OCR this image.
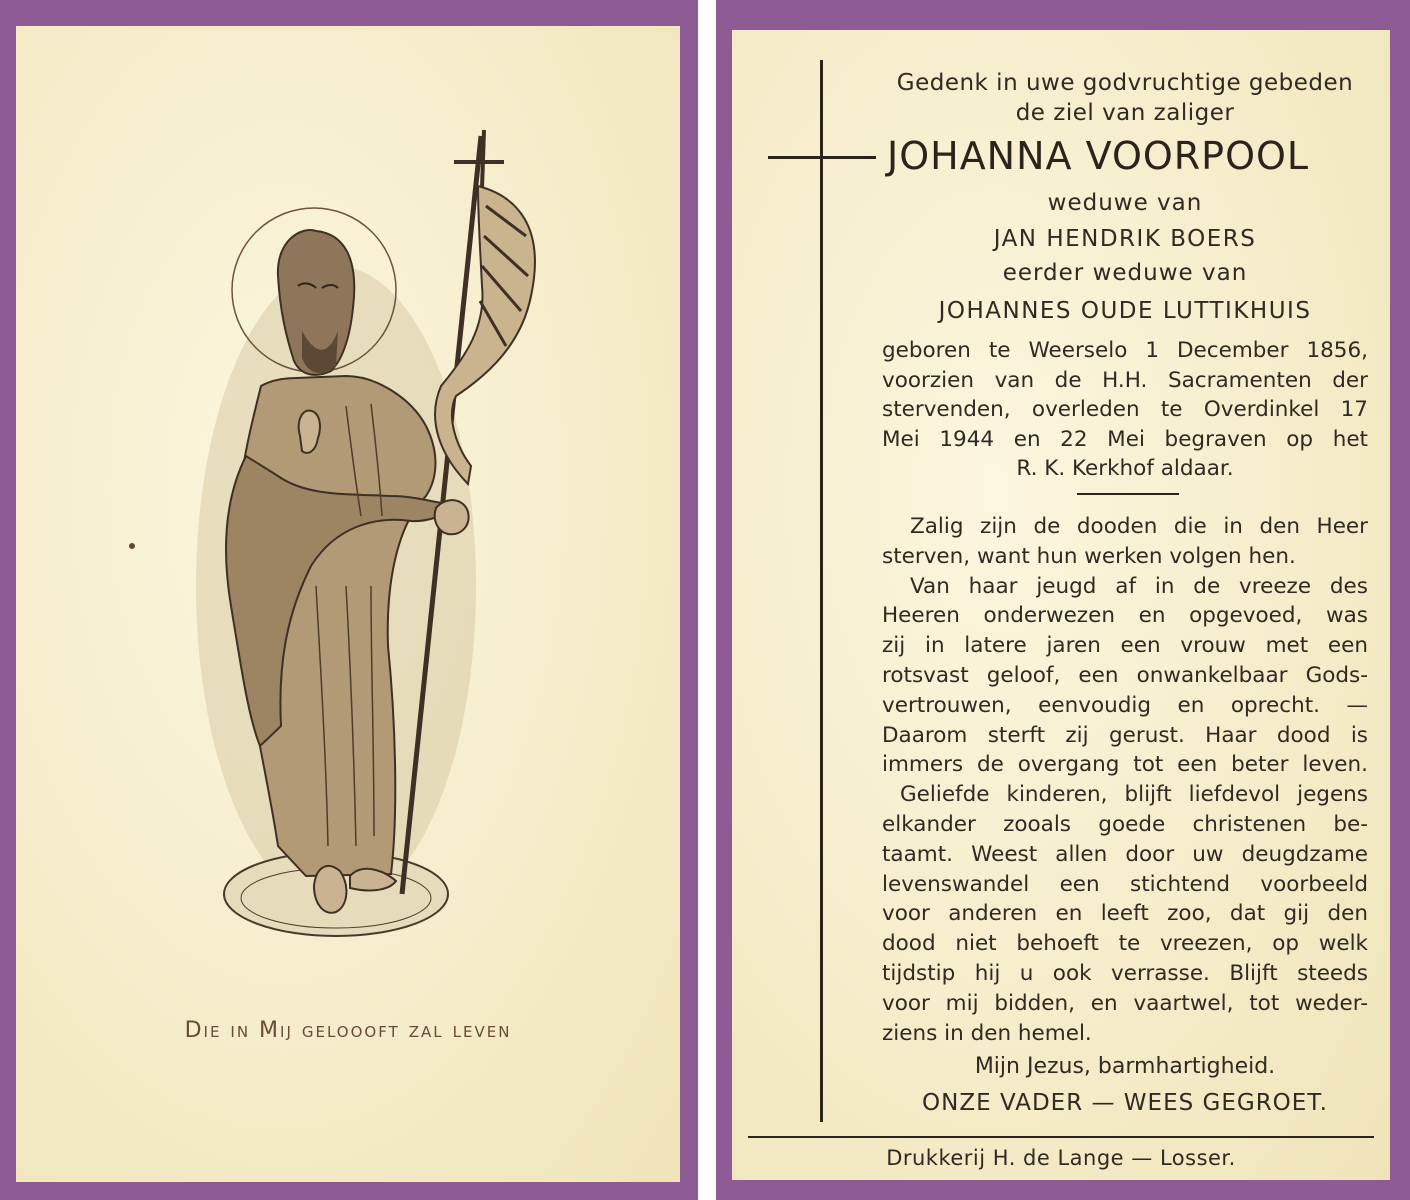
Die in Mij geloooft zal leven
Gedenk in uwe godvruchtige gebeden
de ziel van zaliger
JOHANNA VOORPOOL
weduwe van
JAN HENDRIK BOERS
eerder weduwe van
JOHANNES OUDE LUTTIKHUIS
geboren te Weerselo 1 December 1856,
voorzien van de H.H. Sacramenten der
stervenden, overleden te Overdinkel 17
Mei 1944 en 22 Mei begraven op het
R. K. Kerkhof aldaar.
Zalig zijn de dooden die in den Heer
sterven, want hun werken volgen hen.
Van haar jeugd af in de vreeze des
Heeren onderwezen en opgevoed, was
zij in latere jaren een vrouw met een
rotsvast geloof, een onwankelbaar Gods-
vertrouwen, eenvoudig en oprecht. —
Daarom sterft zij gerust. Haar dood is
immers de overgang tot een beter leven.
Geliefde kinderen, blijft liefdevol jegens
elkander zooals goede christenen be-
taamt. Weest allen door uw deugdzame
levenswandel een stichtend voorbeeld
voor anderen en leeft zoo, dat gij den
dood niet behoeft te vreezen, op welk
tijdstip hij u ook verrasse. Blijft steeds
voor mij bidden, en vaartwel, tot weder-
ziens in den hemel.
Mijn Jezus, barmhartigheid.
ONZE VADER — WEES GEGROET.
Drukkerij H. de Lange — Losser.
